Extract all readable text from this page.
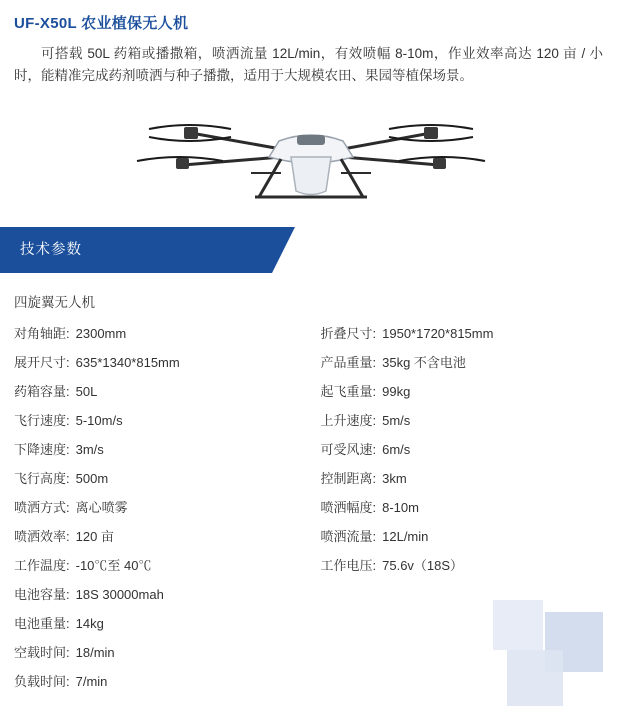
UF-X50L 农业植保无人机
可搭载 50L 药箱或播撒箱，喷洒流量 12L/min，有效喷幅 8-10m，作业效率高达 120 亩 / 小时，能精准完成药剂喷洒与种子播撒，适用于大规模农田、果园等植保场景。
技术参数
四旋翼无人机
对角轴距: 2300mm
展开尺寸: 635*1340*815mm
药箱容量: 50L
飞行速度: 5-10m/s
下降速度: 3m/s
飞行高度: 500m
喷洒方式: 离心喷雾
喷洒效率: 120 亩
工作温度: -10℃至 40℃
电池容量: 18S 30000mah
电池重量: 14kg
空载时间: 18/min
负载时间: 7/min
折叠尺寸: 1950*1720*815mm
产品重量: 35kg 不含电池
起飞重量: 99kg
上升速度: 5m/s
可受风速: 6m/s
控制距离: 3km
喷洒幅度: 8-10m
喷洒流量: 12L/min
工作电压: 75.6v（18S）
